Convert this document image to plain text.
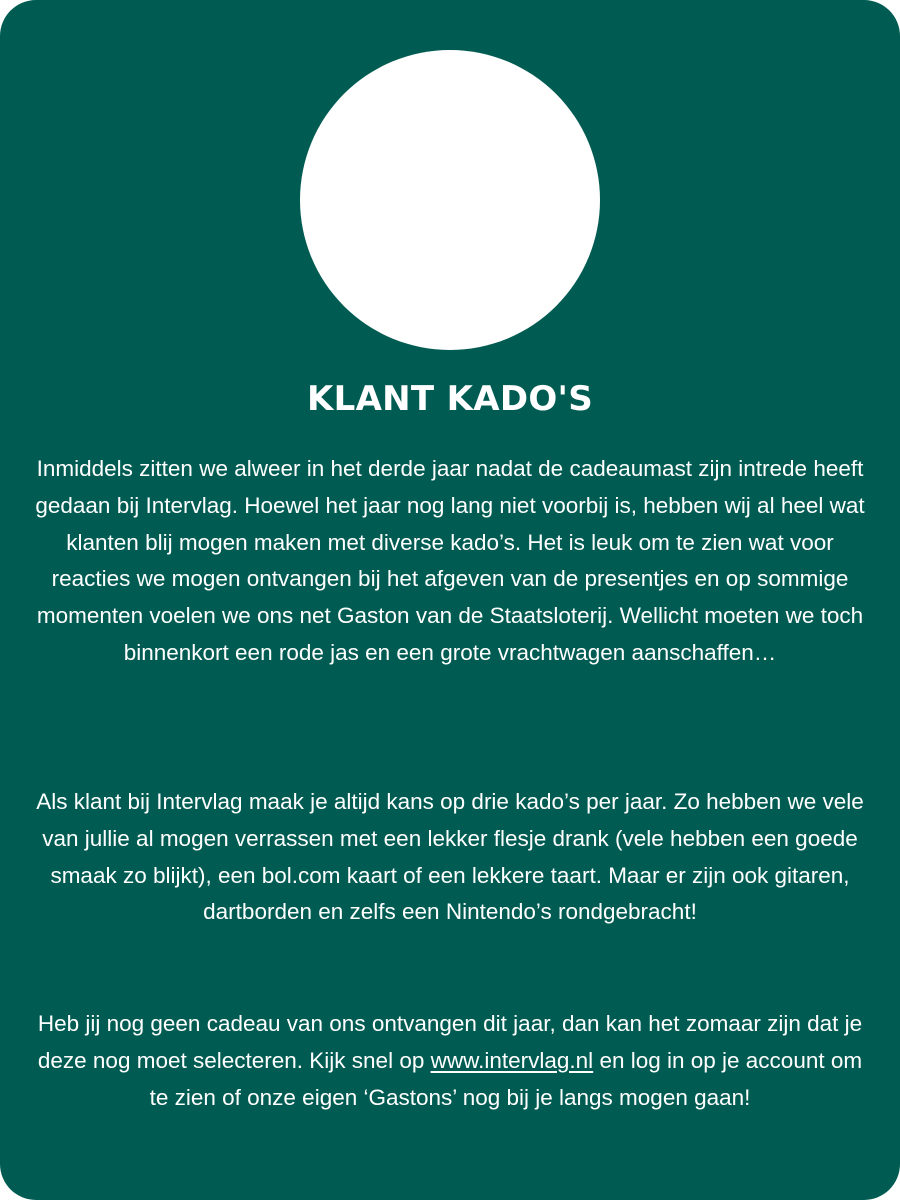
KLANT KADO'S

Inmiddels zitten we alweer in het derde jaar nadat de cadeaumast zijn intrede heeft gedaan bij Intervlag. Hoewel het jaar nog lang niet voorbij is, hebben wij al heel wat klanten blij mogen maken met diverse kado’s. Het is leuk om te zien wat voor reacties we mogen ontvangen bij het afgeven van de presentjes en op sommige momenten voelen we ons net Gaston van de Staatsloterij. Wellicht moeten we toch binnenkort een rode jas en een grote vrachtwagen aanschaffen…

Als klant bij Intervlag maak je altijd kans op drie kado’s per jaar. Zo hebben we vele van jullie al mogen verrassen met een lekker flesje drank (vele hebben een goede smaak zo blijkt), een bol.com kaart of een lekkere taart. Maar er zijn ook gitaren, dartborden en zelfs een Nintendo’s rondgebracht!

Heb jij nog geen cadeau van ons ontvangen dit jaar, dan kan het zomaar zijn dat je deze nog moet selecteren. Kijk snel op www.intervlag.nl en log in op je account om te zien of onze eigen ‘Gastons’ nog bij je langs mogen gaan!
